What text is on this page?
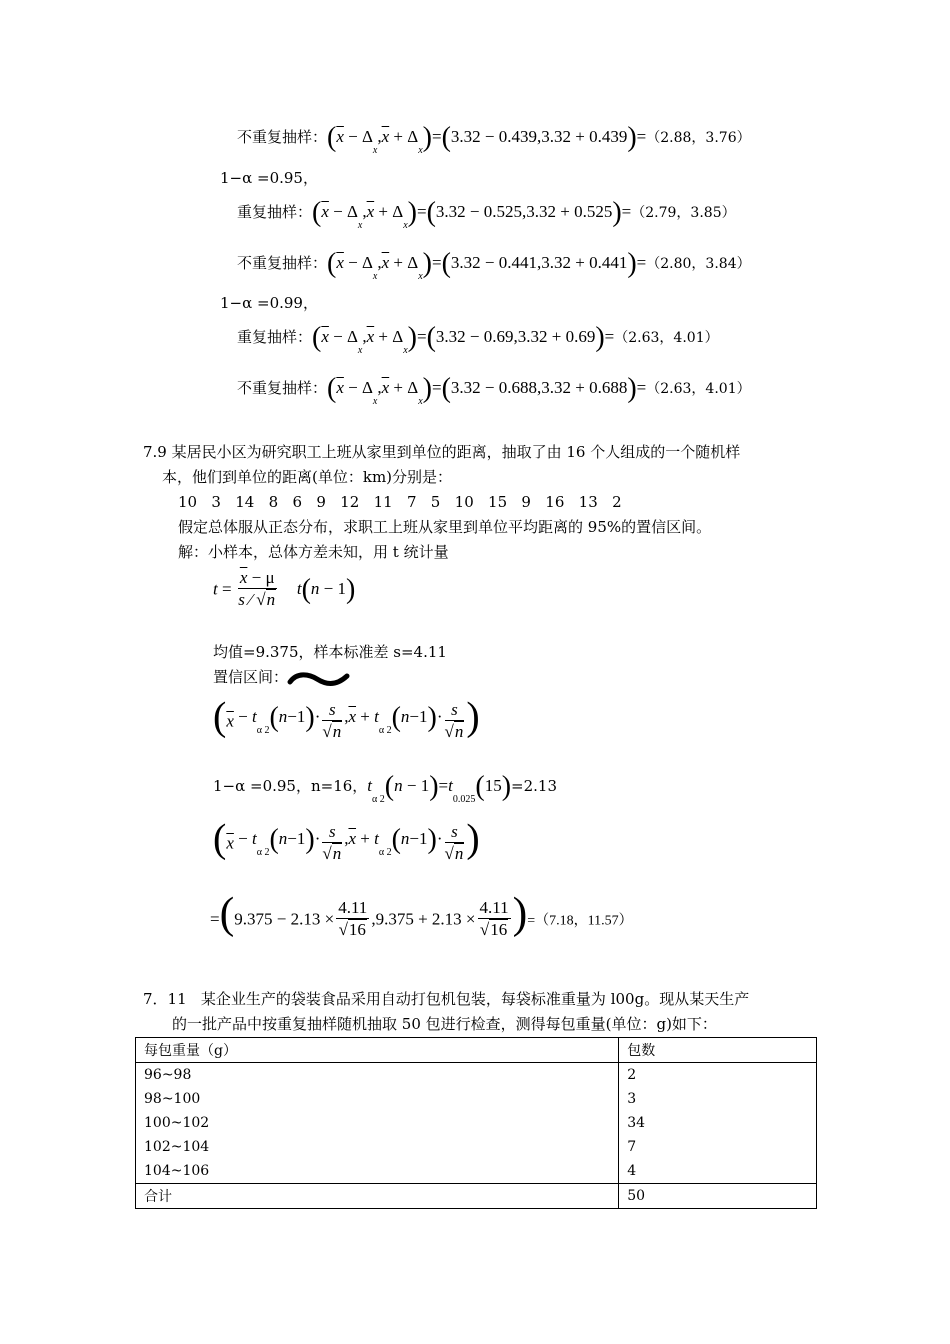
不重复抽样：$(\overline{x} - \Delta_x,\overline{x} + \Delta_x)=(3.32 - 0.439,3.32 + 0.439)=(2.88$，3.76）
1−α =0.95，
重复抽样：$(\overline{x} - \Delta_x,\overline{x} + \Delta_x)=(3.32 - 0.525,3.32 + 0.525)=(2.79$，3.85）
不重复抽样：$(\overline{x} - \Delta_x,\overline{x} + \Delta_x)=(3.32 - 0.441,3.32 + 0.441)=(2.80$，3.84）
1−α =0.99，
重复抽样：$(\overline{x} - \Delta_x,\overline{x} + \Delta_x)=(3.32 - 0.69,3.32 + 0.69)=(2.63$，4.01）
不重复抽样：$(\overline{x} - \Delta_x,\overline{x} + \Delta_x)=(3.32 - 0.688,3.32 + 0.688)=(2.63$，4.01）
7.9 某居民小区为研究职工上班从家里到单位的距离，抽取了由 16 个人组成的一个随机样
本，他们到单位的距离(单位：km)分别是：
10   3   14   8   6   9   12   11   7   5   10   15   9   16   13   2
假定总体服从正态分布，求职工上班从家里到单位平均距离的 95%的置信区间。
解：小样本，总体方差未知，用 t 统计量
$t = \frac{\overline{x} - \mu}{s ⁄ √n} t(n - 1)$
均值=9.375，样本标准差 s=4.11
置信区间：
($\overline{x} - t_{\alpha 2}(n-1)\cdot \frac{s}{√n} ,\overline{x} + t_{\alpha 2}(n-1)\cdot \frac{s}{√n}$ )
1−α =0.95，n=16，$t_{\alpha 2}(n - 1)=t_{0.025}(15)=2.13$
($\overline{x} - t_{\alpha 2}(n-1)\cdot \frac{s}{√n} ,\overline{x} + t_{\alpha 2}(n-1)\cdot \frac{s}{√n}$ )
$=(9.375 - 2.13 \times \frac{4.11}{√16} ,9.375 + 2.13 \times \frac{4.11}{√16} )=(7.18$，11.57）
7．11   某企业生产的袋装食品采用自动打包机包装，每袋标准重量为 l00g。现从某天生产
的一批产品中按重复抽样随机抽取 50 包进行检查，测得每包重量(单位：g)如下：
每包重量（g）	包数
96~98	2
98~100	3
100~102	34
102~104	7
104~106	4
合计	50
